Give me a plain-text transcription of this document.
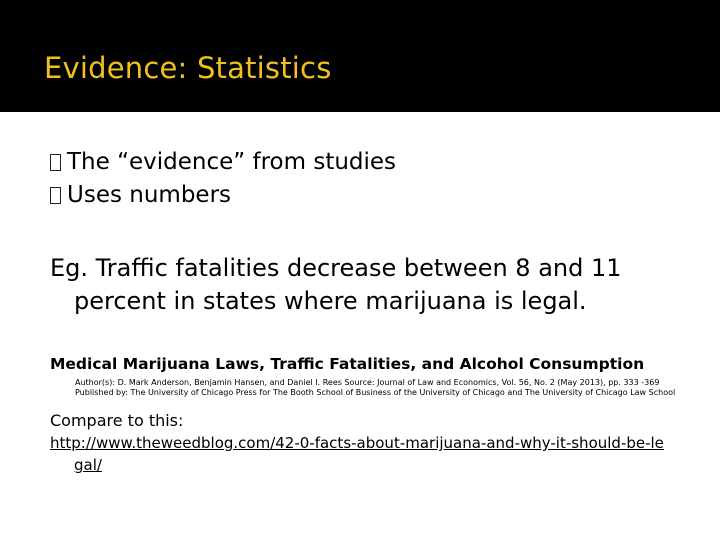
Evidence: Statistics
The “evidence” from studies
Uses numbers
Eg. Traffic fatalities decrease between 8 and 11 percent in states where marijuana is legal.
Medical Marijuana Laws, Traffic Fatalities, and Alcohol Consumption
Author(s): D. Mark Anderson, Benjamin Hansen, and Daniel I. Rees Source: Journal of Law and Economics, Vol. 56, No. 2 (May 2013), pp. 333 -369 Published by: The University of Chicago Press for The Booth School of Business of the University of Chicago and The University of Chicago Law School
Compare to this:
http://www.theweedblog.com/42-0-facts-about-marijuana-and-why-it-should-be-legal/
